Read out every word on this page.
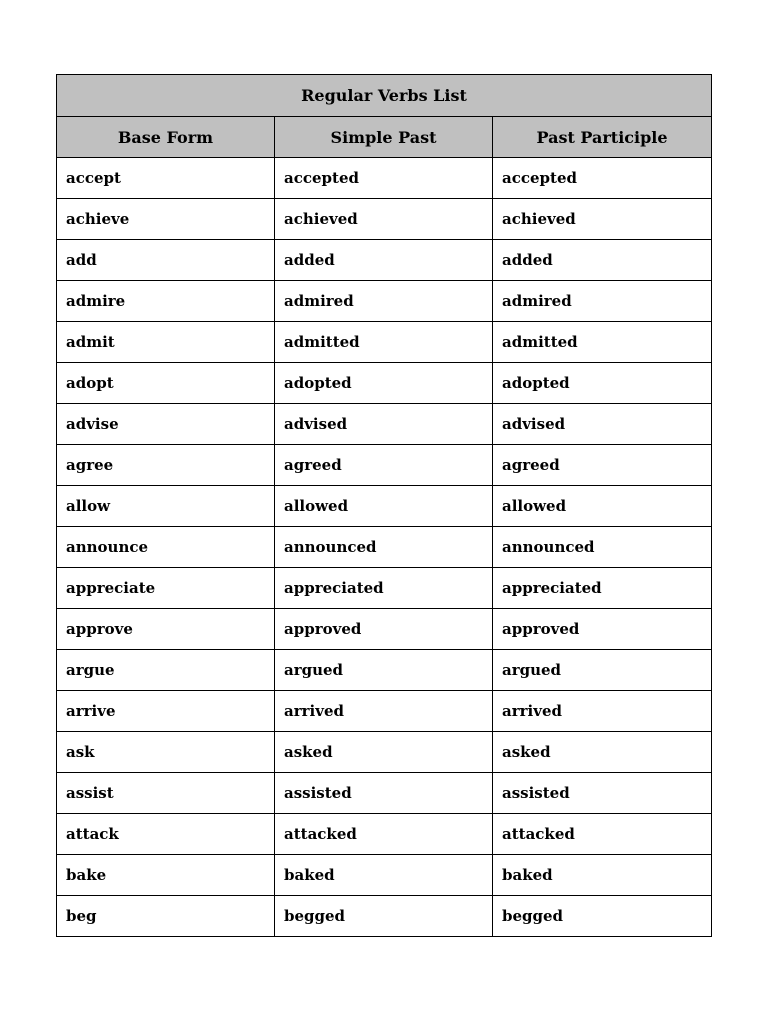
Regular Verbs List		
Base Form	Simple Past	Past Participle
accept	accepted	accepted
achieve	achieved	achieved
add	added	added
admire	admired	admired
admit	admitted	admitted
adopt	adopted	adopted
advise	advised	advised
agree	agreed	agreed
allow	allowed	allowed
announce	announced	announced
appreciate	appreciated	appreciated
approve	approved	approved
argue	argued	argued
arrive	arrived	arrived
ask	asked	asked
assist	assisted	assisted
attack	attacked	attacked
bake	baked	baked
beg	begged	begged
